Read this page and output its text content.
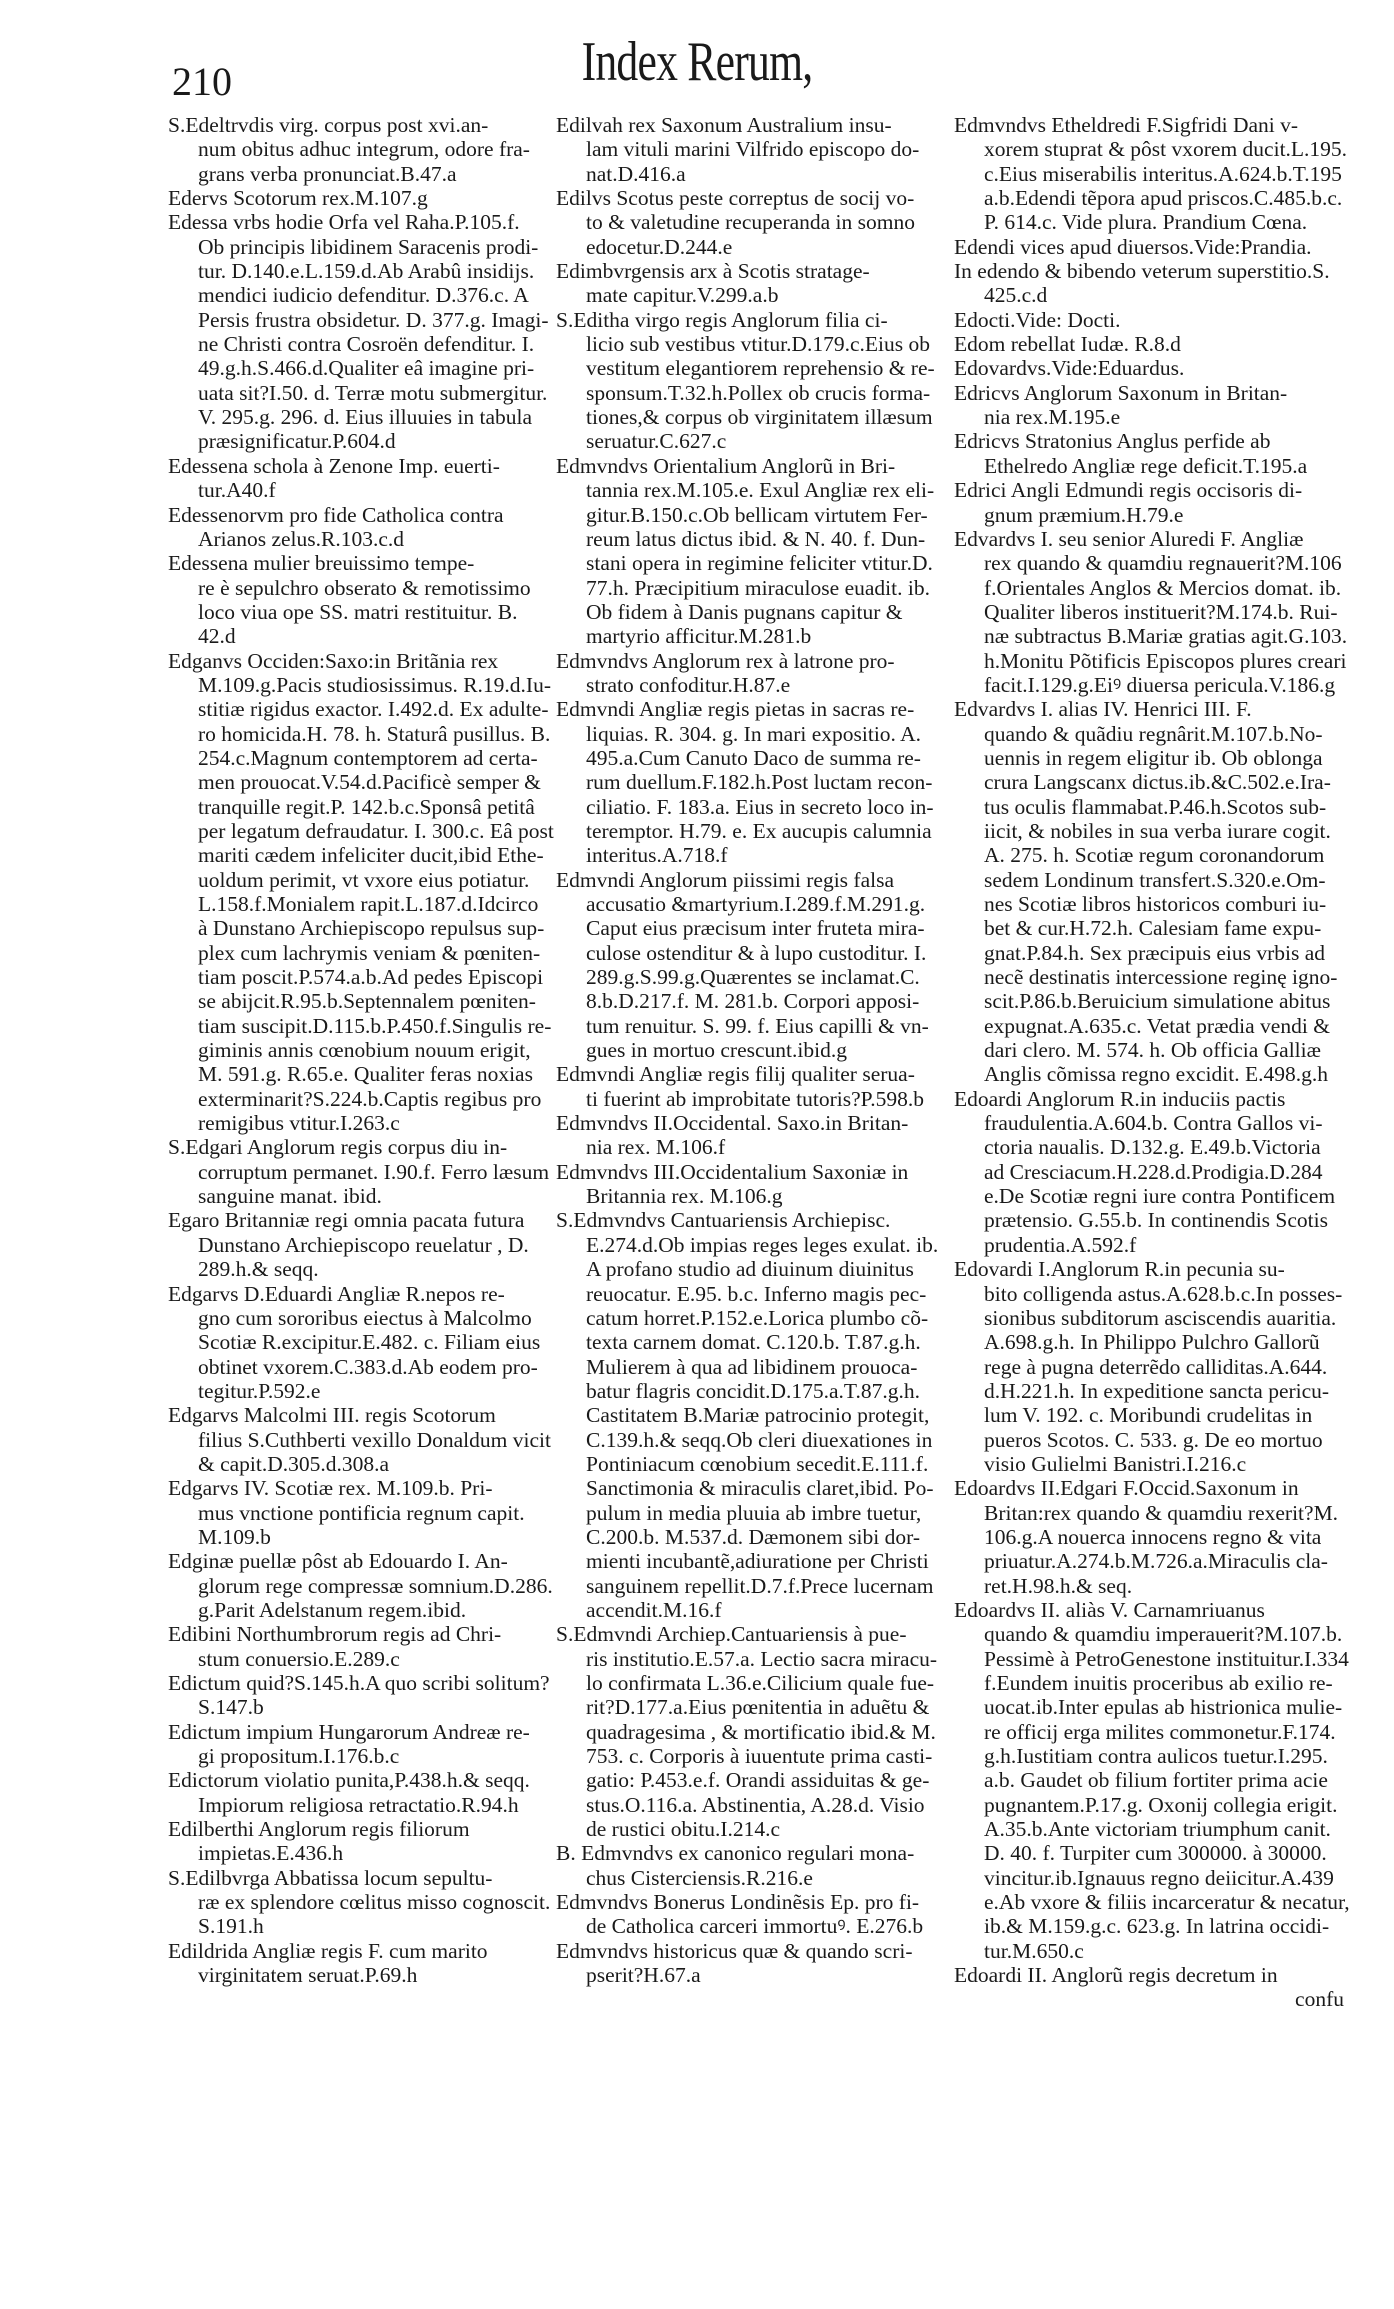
210	Index Rerum,
S.Edeltrvdis virg. corpus post xvi.an-
num obitus adhuc integrum, odore fra-
grans verba pronunciat.B.47.a
Edervs Scotorum rex.M.107.g
Edessa vrbs hodie Orfa vel Raha.P.105.f.
Ob principis libidinem Saracenis prodi-
tur. D.140.e.L.159.d.Ab Arabû insidijs.
mendici iudicio defenditur. D.376.c. A
Persis frustra obsidetur. D. 377.g. Imagi-
ne Christi contra Cosroën defenditur. I.
49.g.h.S.466.d.Qualiter eâ imagine pri-
uata sit?I.50. d. Terræ motu submergitur.
V. 295.g. 296. d. Eius illuuies in tabula
præsignificatur.P.604.d
Edessena schola à Zenone Imp. euerti-
tur.A40.f
Edessenorvm pro fide Catholica contra
Arianos zelus.R.103.c.d
Edessena mulier breuissimo tempe-
re è sepulchro obserato & remotissimo
loco viua ope SS. matri restituitur. B.
42.d
Edganvs Occiden:Saxo:in Britãnia rex
M.109.g.Pacis studiosissimus. R.19.d.Iu-
stitiæ rigidus exactor. I.492.d. Ex adulte-
ro homicida.H. 78. h. Staturâ pusillus. B.
254.c.Magnum contemptorem ad certa-
men prouocat.V.54.d.Pacificè semper &
tranquille regit.P. 142.b.c.Sponsâ petitâ
per legatum defraudatur. I. 300.c. Eâ post
mariti cædem infeliciter ducit,ibid Ethe-
uoldum perimit, vt vxore eius potiatur.
L.158.f.Monialem rapit.L.187.d.Idcirco
à Dunstano Archiepiscopo repulsus sup-
plex cum lachrymis veniam & pœniten-
tiam poscit.P.574.a.b.Ad pedes Episcopi
se abijcit.R.95.b.Septennalem pœniten-
tiam suscipit.D.115.b.P.450.f.Singulis re-
giminis annis cœnobium nouum erigit,
M. 591.g. R.65.e. Qualiter feras noxias
exterminarit?S.224.b.Captis regibus pro
remigibus vtitur.I.263.c
S.Edgari Anglorum regis corpus diu in-
corruptum permanet. I.90.f. Ferro læsum
sanguine manat. ibid.
Egaro Britanniæ regi omnia pacata futura
Dunstano Archiepiscopo reuelatur , D.
289.h.& seqq.
Edgarvs D.Eduardi Angliæ R.nepos re-
gno cum sororibus eiectus à Malcolmo
Scotiæ R.excipitur.E.482. c. Filiam eius
obtinet vxorem.C.383.d.Ab eodem pro-
tegitur.P.592.e
Edgarvs Malcolmi III. regis Scotorum
filius S.Cuthberti vexillo Donaldum vicit
& capit.D.305.d.308.a
Edgarvs IV. Scotiæ rex. M.109.b. Pri-
mus vnctione pontificia regnum capit.
M.109.b
Edginæ puellæ pôst ab Edouardo I. An-
glorum rege compressæ somnium.D.286.
g.Parit Adelstanum regem.ibid.
Edibini Northumbrorum regis ad Chri-
stum conuersio.E.289.c
Edictum quid?S.145.h.A quo scribi solitum?
S.147.b
Edictum impium Hungarorum Andreæ re-
gi propositum.I.176.b.c
Edictorum violatio punita,P.438.h.& seqq.
Impiorum religiosa retractatio.R.94.h
Edilberthi Anglorum regis filiorum
impietas.E.436.h
S.Edilbvrga Abbatissa locum sepultu-
ræ ex splendore cœlitus misso cognoscit.
S.191.h
Edildrida Angliæ regis F. cum marito
virginitatem seruat.P.69.h
Edilvah rex Saxonum Australium insu-
lam vituli marini Vilfrido episcopo do-
nat.D.416.a
Edilvs Scotus peste correptus de socij vo-
to & valetudine recuperanda in somno
edocetur.D.244.e
Edimbvrgensis arx à Scotis stratage-
mate capitur.V.299.a.b
S.Editha virgo regis Anglorum filia ci-
licio sub vestibus vtitur.D.179.c.Eius ob
vestitum elegantiorem reprehensio & re-
sponsum.T.32.h.Pollex ob crucis forma-
tiones,& corpus ob virginitatem illæsum
seruatur.C.627.c
Edmvndvs Orientalium Anglorũ in Bri-
tannia rex.M.105.e. Exul Angliæ rex eli-
gitur.B.150.c.Ob bellicam virtutem Fer-
reum latus dictus ibid. & N. 40. f. Dun-
stani opera in regimine feliciter vtitur.D.
77.h. Præcipitium miraculose euadit. ib.
Ob fidem à Danis pugnans capitur &
martyrio afficitur.M.281.b
Edmvndvs Anglorum rex à latrone pro-
strato confoditur.H.87.e
Edmvndi Angliæ regis pietas in sacras re-
liquias. R. 304. g. In mari expositio. A.
495.a.Cum Canuto Daco de summa re-
rum duellum.F.182.h.Post luctam recon-
ciliatio. F. 183.a. Eius in secreto loco in-
teremptor. H.79. e. Ex aucupis calumnia
interitus.A.718.f
Edmvndi Anglorum piissimi regis falsa
accusatio &martyrium.I.289.f.M.291.g.
Caput eius præcisum inter fruteta mira-
culose ostenditur & à lupo custoditur. I.
289.g.S.99.g.Quærentes se inclamat.C.
8.b.D.217.f. M. 281.b. Corpori apposi-
tum renuitur. S. 99. f. Eius capilli & vn-
gues in mortuo crescunt.ibid.g
Edmvndi Angliæ regis filij qualiter serua-
ti fuerint ab improbitate tutoris?P.598.b
Edmvndvs II.Occidental. Saxo.in Britan-
nia rex. M.106.f
Edmvndvs III.Occidentalium Saxoniæ in
Britannia rex. M.106.g
S.Edmvndvs Cantuariensis Archiepisc.
E.274.d.Ob impias reges leges exulat. ib.
A profano studio ad diuinum diuinitus
reuocatur. E.95. b.c. Inferno magis pec-
catum horret.P.152.e.Lorica plumbo cõ-
texta carnem domat. C.120.b. T.87.g.h.
Mulierem à qua ad libidinem prouoca-
batur flagris concidit.D.175.a.T.87.g.h.
Castitatem B.Mariæ patrocinio protegit,
C.139.h.& seqq.Ob cleri diuexationes in
Pontiniacum cœnobium secedit.E.111.f.
Sanctimonia & miraculis claret,ibid. Po-
pulum in media pluuia ab imbre tuetur,
C.200.b. M.537.d. Dæmonem sibi dor-
mienti incubantẽ,adiuratione per Christi
sanguinem repellit.D.7.f.Prece lucernam
accendit.M.16.f
S.Edmvndi Archiep.Cantuariensis à pue-
ris institutio.E.57.a. Lectio sacra miracu-
lo confirmata L.36.e.Cilicium quale fue-
rit?D.177.a.Eius pœnitentia in aduẽtu &
quadragesima , & mortificatio ibid.& M.
753. c. Corporis à iuuentute prima casti-
gatio: P.453.e.f. Orandi assiduitas & ge-
stus.O.116.a. Abstinentia, A.28.d. Visio
de rustici obitu.I.214.c
B. Edmvndvs ex canonico regulari mona-
chus Cisterciensis.R.216.e
Edmvndvs Bonerus Londinẽsis Ep. pro fi-
de Catholica carceri immortuꝰ. E.276.b
Edmvndvs historicus quæ & quando scri-
pserit?H.67.a
Edmvndvs Etheldredi F.Sigfridi Dani v-
xorem stuprat & pôst vxorem ducit.L.195.
c.Eius miserabilis interitus.A.624.b.T.195
a.b.Edendi tẽpora apud priscos.C.485.b.c.
P. 614.c. Vide plura. Prandium Cœna.
Edendi vices apud diuersos.Vide:Prandia.
In edendo & bibendo veterum superstitio.S.
425.c.d
Edocti.Vide: Docti.
Edom rebellat Iudæ. R.8.d
Edovardvs.Vide:Eduardus.
Edricvs Anglorum Saxonum in Britan-
nia rex.M.195.e
Edricvs Stratonius Anglus perfide ab
Ethelredo Angliæ rege deficit.T.195.a
Edrici Angli Edmundi regis occisoris di-
gnum præmium.H.79.e
Edvardvs I. seu senior Aluredi F. Angliæ
rex quando & quamdiu regnauerit?M.106
f.Orientales Anglos & Mercios domat. ib.
Qualiter liberos instituerit?M.174.b. Rui-
næ subtractus B.Mariæ gratias agit.G.103.
h.Monitu Põtificis Episcopos plures creari
facit.I.129.g.Eiꝰ diuersa pericula.V.186.g
Edvardvs I. alias IV. Henrici III. F.
quando & quãdiu regnârit.M.107.b.No-
uennis in regem eligitur ib. Ob oblonga
crura Langscanx dictus.ib.&C.502.e.Ira-
tus oculis flammabat.P.46.h.Scotos sub-
iicit, & nobiles in sua verba iurare cogit.
A. 275. h. Scotiæ regum coronandorum
sedem Londinum transfert.S.320.e.Om-
nes Scotiæ libros historicos comburi iu-
bet & cur.H.72.h. Calesiam fame expu-
gnat.P.84.h. Sex præcipuis eius vrbis ad
necẽ destinatis intercessione reginę igno-
scit.P.86.b.Beruicium simulatione abitus
expugnat.A.635.c. Vetat prædia vendi &
dari clero. M. 574. h. Ob officia Galliæ
Anglis cõmissa regno excidit. E.498.g.h
Edoardi Anglorum R.in induciis pactis
fraudulentia.A.604.b. Contra Gallos vi-
ctoria naualis. D.132.g. E.49.b.Victoria
ad Cresciacum.H.228.d.Prodigia.D.284
e.De Scotiæ regni iure contra Pontificem
prætensio. G.55.b. In continendis Scotis
prudentia.A.592.f
Edovardi I.Anglorum R.in pecunia su-
bito colligenda astus.A.628.b.c.In posses-
sionibus subditorum asciscendis auaritia.
A.698.g.h. In Philippo Pulchro Gallorũ
rege à pugna deterrẽdo calliditas.A.644.
d.H.221.h. In expeditione sancta pericu-
lum V. 192. c. Moribundi crudelitas in
pueros Scotos. C. 533. g. De eo mortuo
visio Gulielmi Banistri.I.216.c
Edoardvs II.Edgari F.Occid.Saxonum in
Britan:rex quando & quamdiu rexerit?M.
106.g.A nouerca innocens regno & vita
priuatur.A.274.b.M.726.a.Miraculis cla-
ret.H.98.h.& seq.
Edoardvs II. aliàs V. Carnamriuanus
quando & quamdiu imperauerit?M.107.b.
Pessimè à PetroGenestone instituitur.I.334
f.Eundem inuitis proceribus ab exilio re-
uocat.ib.Inter epulas ab histrionica mulie-
re officij erga milites commonetur.F.174.
g.h.Iustitiam contra aulicos tuetur.I.295.
a.b. Gaudet ob filium fortiter prima acie
pugnantem.P.17.g. Oxonij collegia erigit.
A.35.b.Ante victoriam triumphum canit.
D. 40. f. Turpiter cum 300000. à 30000.
vincitur.ib.Ignauus regno deiicitur.A.439
e.Ab vxore & filiis incarceratur & necatur,
ib.& M.159.g.c. 623.g. In latrina occidi-
tur.M.650.c
Edoardi II. Anglorũ regis decretum in
confu
